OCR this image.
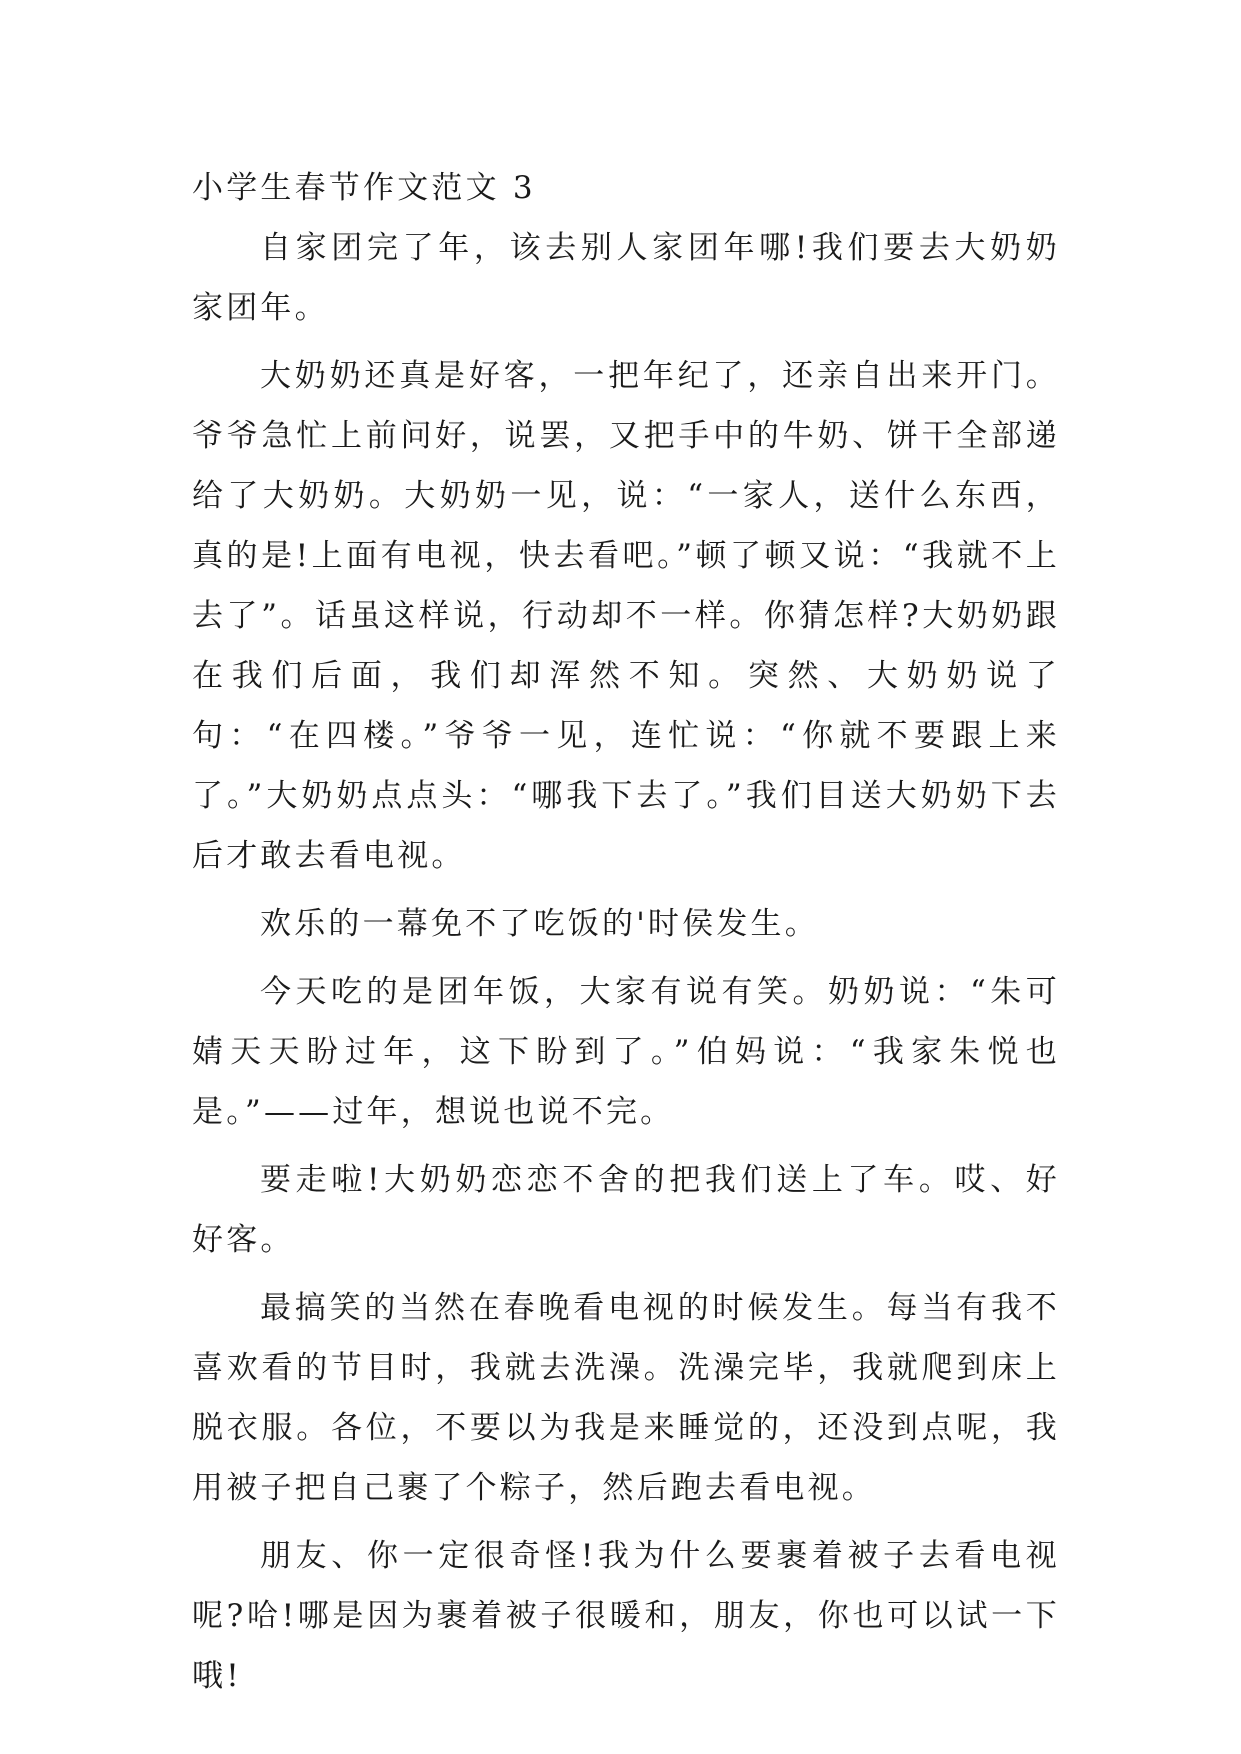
小学生春节作文范文 3

自家团完了年，该去别人家团年哪!我们要去大奶奶家团年。

大奶奶还真是好客，一把年纪了，还亲自出来开门。爷爷急忙上前问好，说罢，又把手中的牛奶、饼干全部递给了大奶奶。大奶奶一见，说：“一家人，送什么东西，真的是!上面有电视，快去看吧。”顿了顿又说：“我就不上去了”。话虽这样说，行动却不一样。你猜怎样?大奶奶跟在我们后面，我们却浑然不知。突然、大奶奶说了句：“在四楼。”爷爷一见，连忙说：“你就不要跟上来了。”大奶奶点点头：“哪我下去了。”我们目送大奶奶下去后才敢去看电视。

欢乐的一幕免不了吃饭的'时侯发生。

今天吃的是团年饭，大家有说有笑。奶奶说：“朱可婧天天盼过年，这下盼到了。”伯妈说：“我家朱悦也是。”——过年，想说也说不完。

要走啦!大奶奶恋恋不舍的把我们送上了车。哎、好好客。

最搞笑的当然在春晚看电视的时候发生。每当有我不喜欢看的节目时，我就去洗澡。洗澡完毕，我就爬到床上脱衣服。各位，不要以为我是来睡觉的，还没到点呢，我用被子把自己裹了个粽子，然后跑去看电视。

朋友、你一定很奇怪!我为什么要裹着被子去看电视呢?哈!哪是因为裹着被子很暖和，朋友，你也可以试一下哦!
